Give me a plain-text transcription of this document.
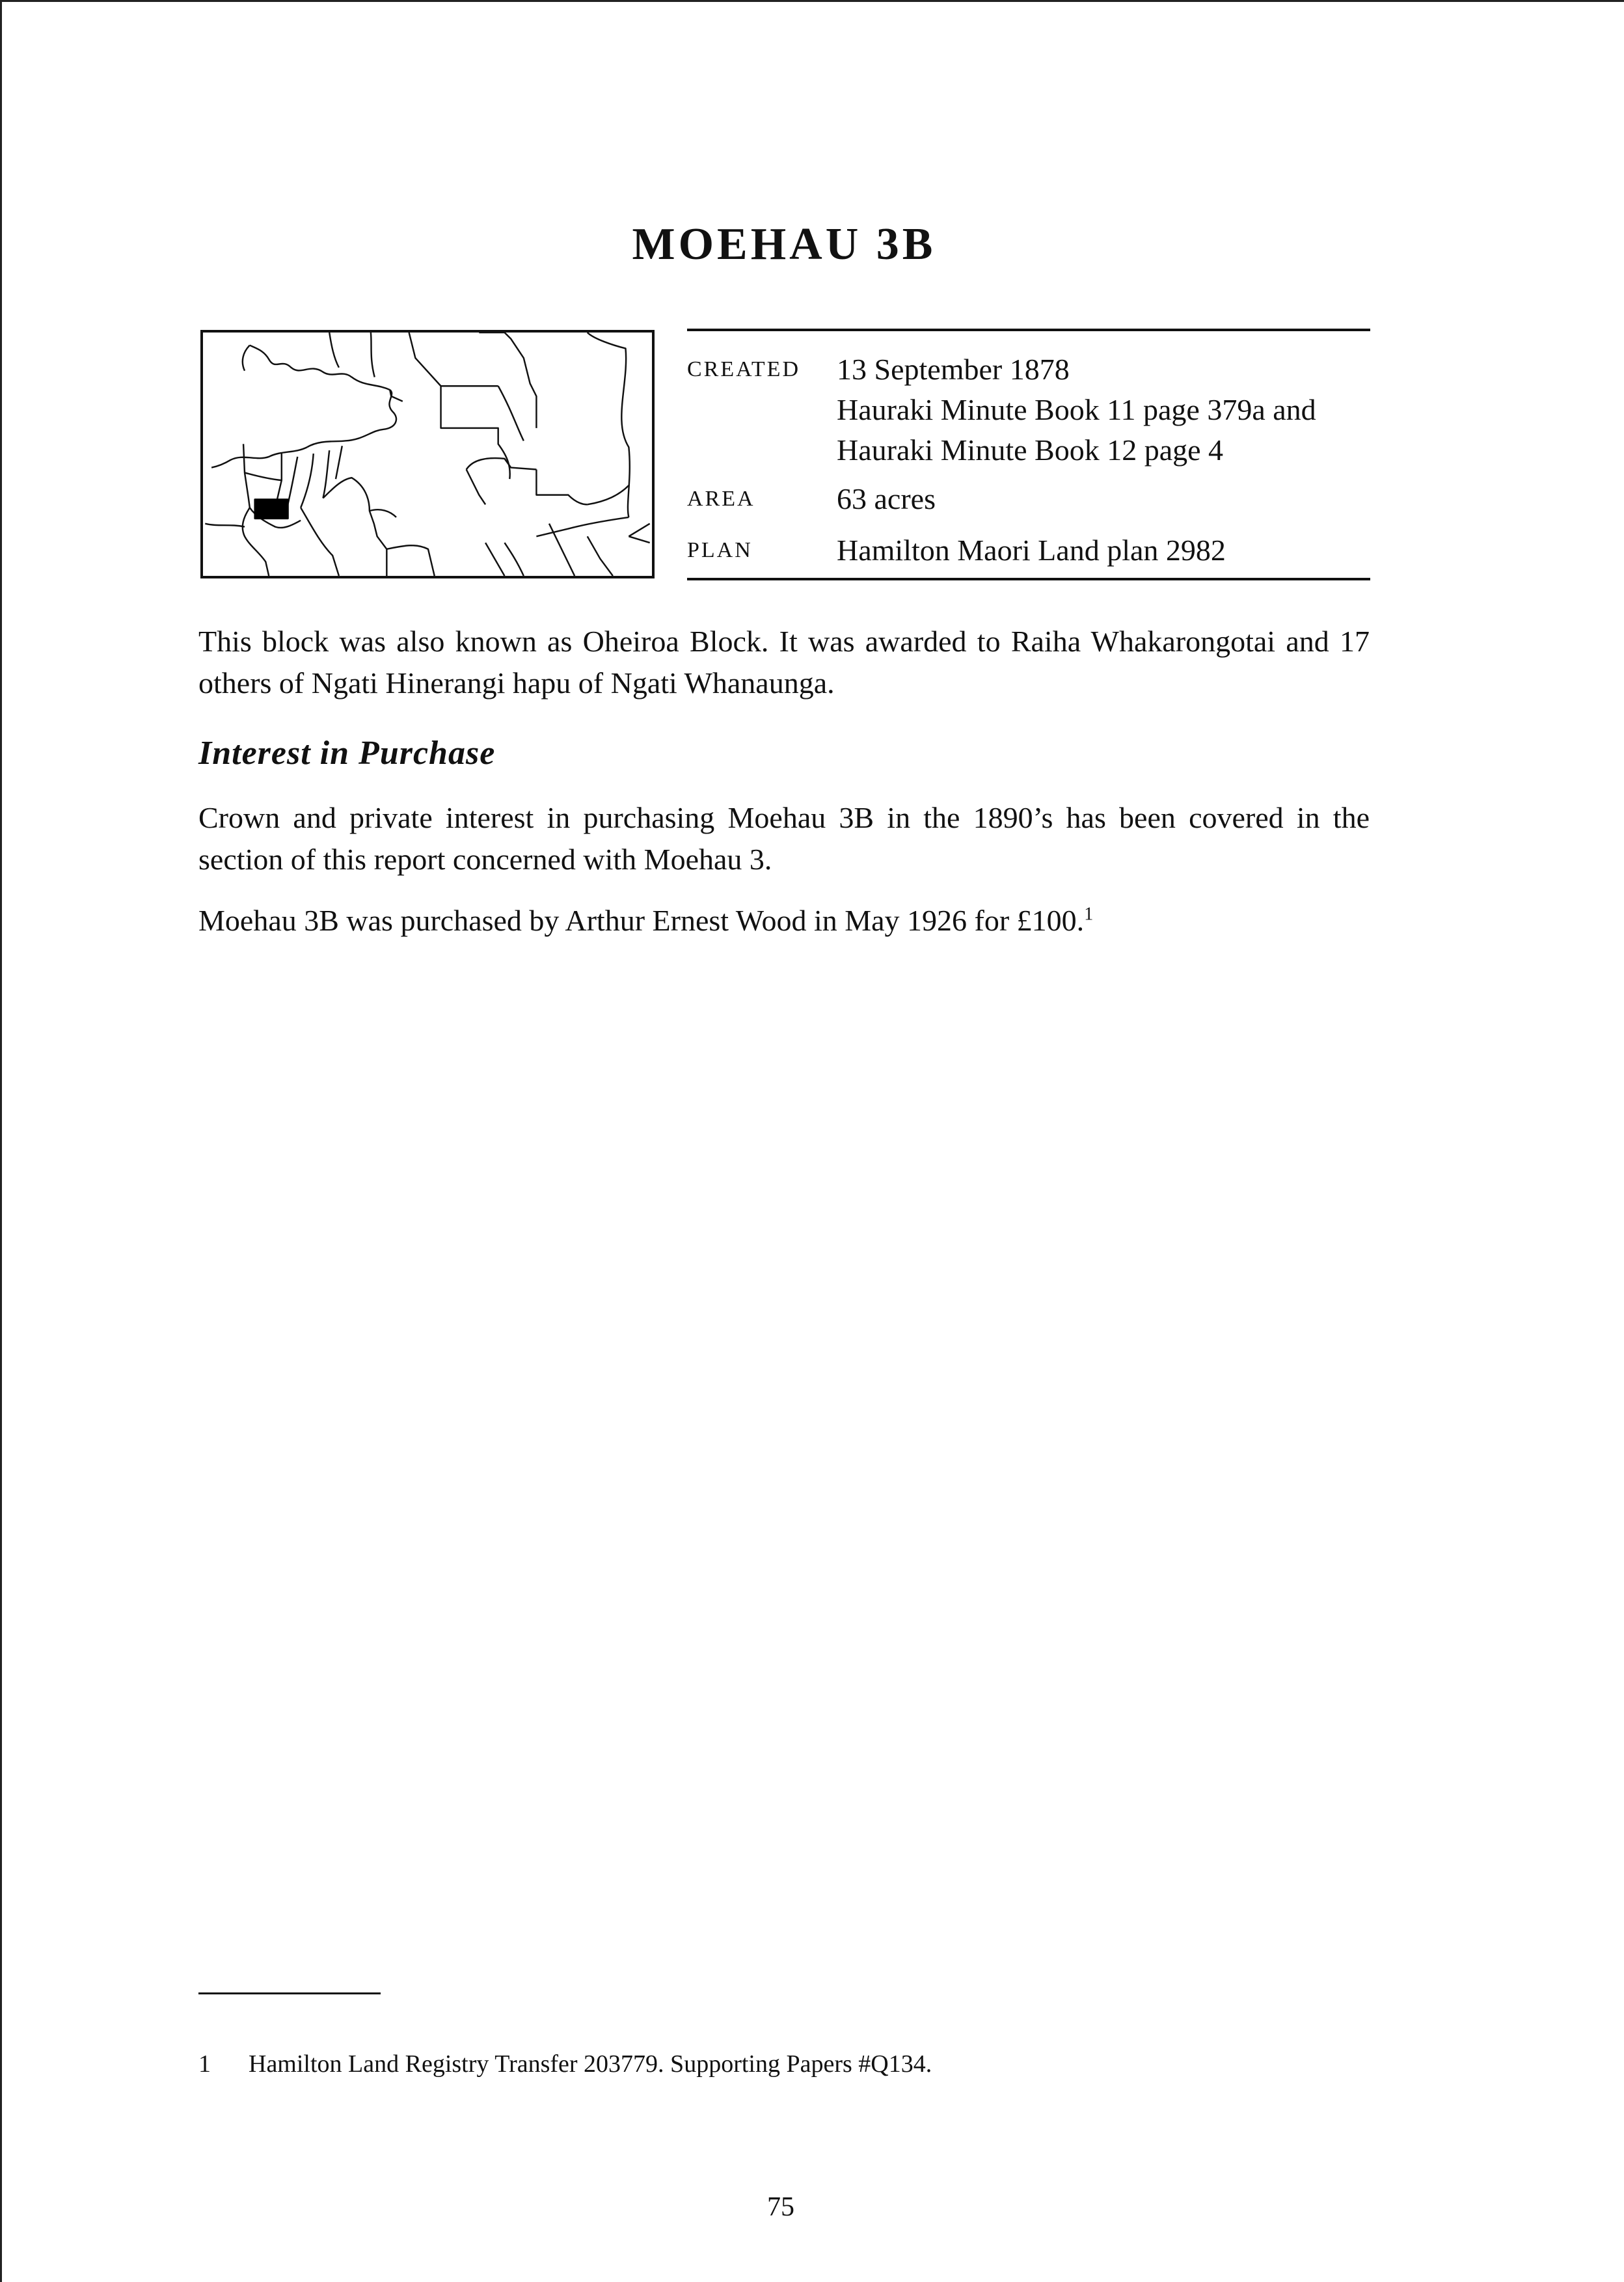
MOEHAU 3B
CREATED 13 September 1878
Hauraki Minute Book 11 page 379a and
Hauraki Minute Book 12 page 4
AREA	63 acres
PLAN	Hamilton Maori Land plan 2982

This block was also known as Oheiroa Block. It was awarded to Raiha Whakarongotai and 17 others of Ngati Hinerangi hapu of Ngati Whanaunga.

Interest in Purchase

Crown and private interest in purchasing Moehau 3B in the 1890’s has been covered in the section of this report concerned with Moehau 3.

Moehau 3B was purchased by Arthur Ernest Wood in May 1926 for £100.$^1$

1 Hamilton Land Registry Transfer 203779. Supporting Papers #Q134.
75
